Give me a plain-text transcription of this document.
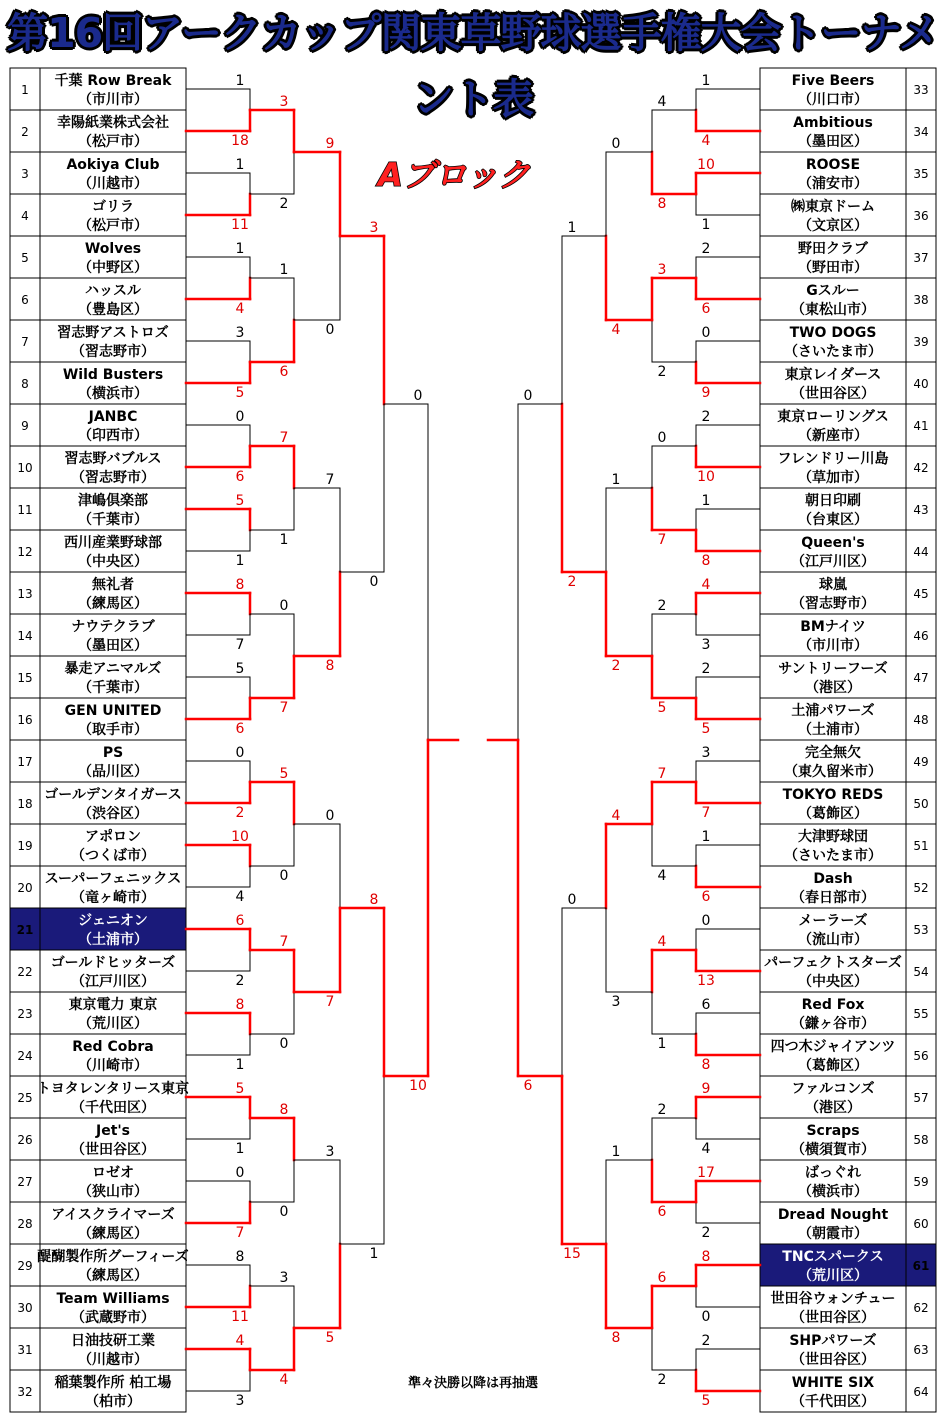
第16回アークカップ関東草野球選手権大会トーナメント表
Aブロック
準々決勝以降は再抽選
1
千葉 Row Break
（市川市）
2
幸陽紙業株式会社
（松戸市）
3
Aokiya Club
（川越市）
4
ゴリラ
（松戸市）
5
Wolves
（中野区）
6
ハッスル
（豊島区）
7
習志野アストロズ
（習志野市）
8
Wild Busters
（横浜市）
9
JANBC
（印西市）
10
習志野バブルス
（習志野市）
11
津嶋倶楽部
（千葉市）
12
西川産業野球部
（中央区）
13
無礼者
（練馬区）
14
ナウテクラブ
（墨田区）
15
暴走アニマルズ
（千葉市）
16
GEN UNITED
（取手市）
17
PS
（品川区）
18
ゴールデンタイガース
（渋谷区）
19
アポロン
（つくば市）
20
スーパーフェニックス
（竜ヶ崎市）
21
ジェニオン
（土浦市）
22
ゴールドヒッターズ
（江戸川区）
23
東京電力 東京
（荒川区）
24
Red Cobra
（川崎市）
25
トヨタレンタリース東京
（千代田区）
26
Jet's
（世田谷区）
27
ロゼオ
（狭山市）
28
アイスクライマーズ
（練馬区）
29
醍醐製作所グーフィーズ
（練馬区）
30
Team Williams
（武蔵野市）
31
日油技研工業
（川越市）
32
稲葉製作所 柏工場
（柏市）
33
Five Beers
（川口市）
34
Ambitious
（墨田区）
35
ROOSE
（浦安市）
36
㈱東京ドーム
（文京区）
37
野田クラブ
（野田市）
38
Gスルー
（東松山市）
39
TWO DOGS
（さいたま市）
40
東京レイダース
（世田谷区）
41
東京ローリングス
（新座市）
42
フレンドリー川島
（草加市）
43
朝日印刷
（台東区）
44
Queen's
（江戸川区）
45
球嵐
（習志野市）
46
BMナイツ
（市川市）
47
サントリーフーズ
（港区）
48
土浦パワーズ
（土浦市）
49
完全無欠
（東久留米市）
50
TOKYO REDS
（葛飾区）
51
大津野球団
（さいたま市）
52
Dash
（春日部市）
53
メーラーズ
（流山市）
54
パーフェクトスターズ
（中央区）
55
Red Fox
（鎌ヶ谷市）
56
四つ木ジャイアンツ
（葛飾区）
57
ファルコンズ
（港区）
58
Scraps
（横須賀市）
59
ばっぐれ
（横浜市）
60
Dread Nought
（朝霞市）
61
TNCスパークス
（荒川区）
62
世田谷ウォンチュー
（世田谷区）
63
SHPパワーズ
（世田谷区）
64
WHITE SIX
（千代田区）
1
18
1
11
1
4
3
5
0
6
5
1
8
7
5
6
0
2
10
4
6
2
8
1
5
1
0
7
8
11
4
3
3
2
1
6
7
1
0
7
5
0
7
0
8
0
3
4
9
0
7
8
0
7
3
5
3
0
8
1
0
10
1
4
10
1
2
6
0
9
2
10
1
8
4
3
2
5
3
7
1
6
0
13
6
8
9
4
17
2
8
0
2
5
4
8
3
2
0
7
2
5
7
4
4
1
2
6
6
2
0
4
1
2
4
3
1
8
1
2
0
15
0
6
